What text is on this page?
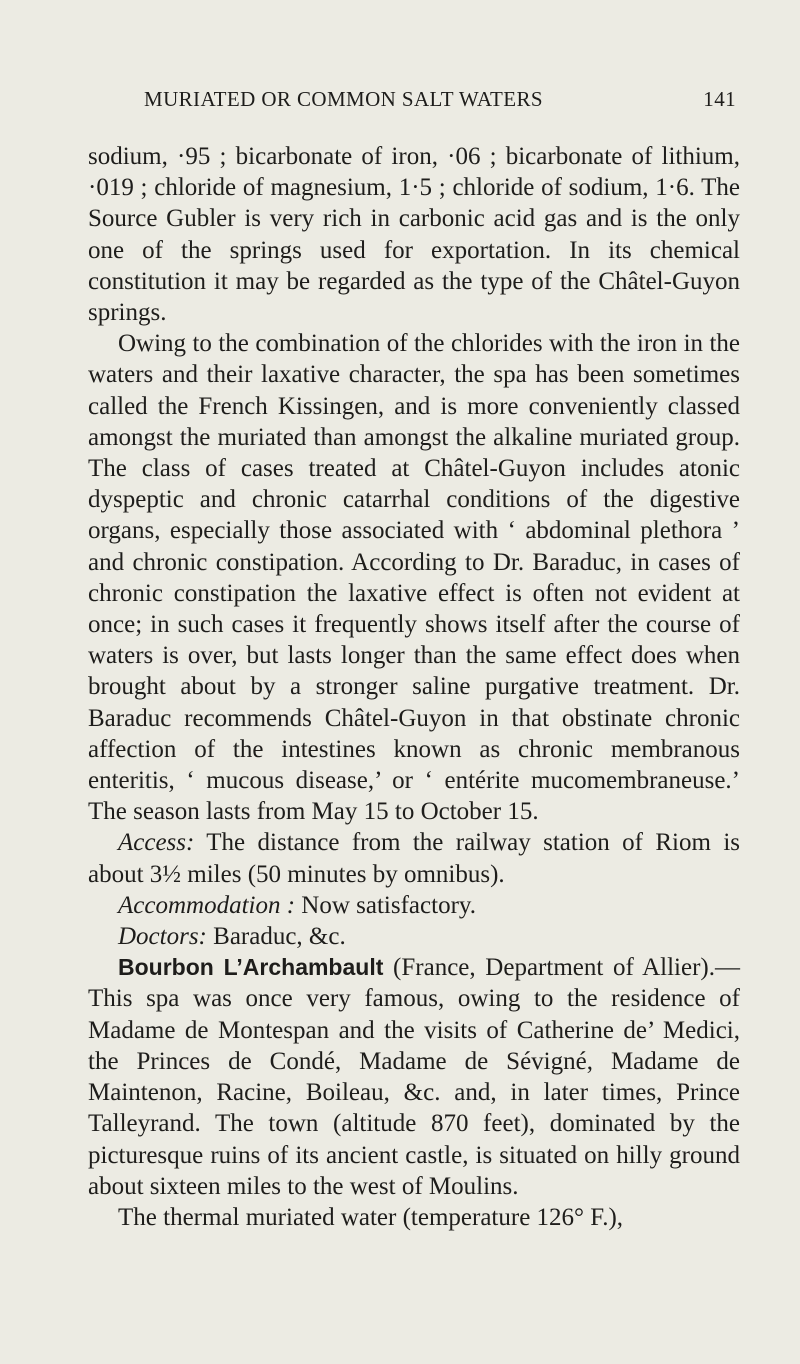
MURIATED OR COMMON SALT WATERS	141

sodium, ·95 ; bicarbonate of iron, ·06 ; bicarbonate of lithium, ·019 ; chloride of magnesium, 1·5 ; chloride of sodium, 1·6. The Source Gubler is very rich in carbonic acid gas and is the only one of the springs used for exportation. In its chemical constitution it may be regarded as the type of the Châtel-Guyon springs.

Owing to the combination of the chlorides with the iron in the waters and their laxative character, the spa has been sometimes called the French Kissingen, and is more conveniently classed amongst the muriated than amongst the alkaline muriated group. The class of cases treated at Châtel-Guyon includes atonic dyspeptic and chronic catarrhal conditions of the digestive organs, especially those associated with ‘ abdominal plethora ’ and chronic constipation. According to Dr. Baraduc, in cases of chronic constipation the laxative effect is often not evident at once; in such cases it frequently shows itself after the course of waters is over, but lasts longer than the same effect does when brought about by a stronger saline purgative treatment. Dr. Baraduc recommends Châtel-Guyon in that obstinate chronic affection of the intestines known as chronic membranous enteritis, ‘ mucous disease,’ or ‘ entérite mucomembraneuse.’ The season lasts from May 15 to October 15.

Access: The distance from the railway station of Riom is about 3½ miles (50 minutes by omnibus).

Accommodation : Now satisfactory.

Doctors: Baraduc, &c.

Bourbon L’Archambault (France, Department of Allier).—This spa was once very famous, owing to the residence of Madame de Montespan and the visits of Catherine de’ Medici, the Princes de Condé, Madame de Sévigné, Madame de Maintenon, Racine, Boileau, &c. and, in later times, Prince Talleyrand. The town (altitude 870 feet), dominated by the picturesque ruins of its ancient castle, is situated on hilly ground about sixteen miles to the west of Moulins.

The thermal muriated water (temperature 126° F.),
